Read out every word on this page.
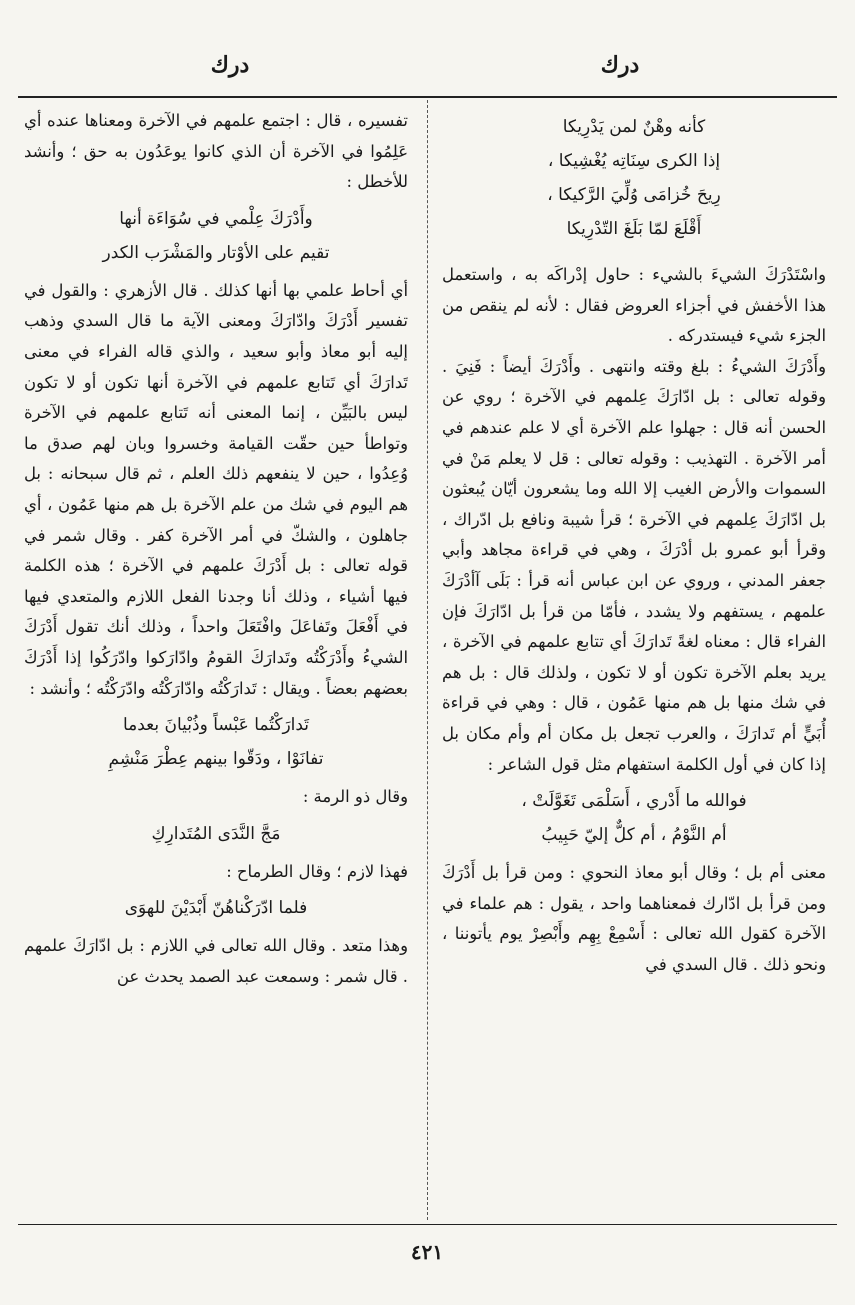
درك
درك
كأنه وهْنٌ لمن يَدْرِيكا
إذا الكرى سِنَاتِه يُغْشِيكا ،
رِيحَ خُزامَى وُلِّيَ الرَّكيكا ،
أَقْلَعَ لمّا بَلَغَ التّدْرِيكا

واسْتَدْرَكَ الشيءَ بالشيء : حاول إدْراكَه به ، واستعمل هذا الأخفش في أجزاء العروض فقال : لأنه لم ينقص من الجزء شيء فيستدركه .

وأَدْرَكَ الشيءُ : بلغ وقته وانتهى . وأَدْرَكَ أيضاً : فَنِيَ . وقوله تعالى : بل ادّارَكَ عِلمهم في الآخرة ؛ روي عن الحسن أنه قال : جهلوا علم الآخرة أي لا علم عندهم في أمر الآخرة . التهذيب : وقوله تعالى : قل لا يعلم مَنْ في السموات والأرض الغيب إلا الله وما يشعرون أيّان يُبعثون بل ادّارَكَ عِلمهم في الآخرة ؛ قرأ شيبة ونافع بل ادّراك ، وقرأ أبو عمرو بل أدْرَكَ ، وهي في قراءة مجاهد وأبي جعفر المدني ، وروي عن ابن عباس أنه قرأ : بَلَى آأدْرَكَ علمهم ، يستفهم ولا يشدد ، فأمّا من قرأ بل ادّارَكَ فإن الفراء قال : معناه لغةً تَدارَكَ أي تتابع علمهم في الآخرة ، يريد بعلم الآخرة تكون أو لا تكون ، ولذلك قال : بل هم في شك منها بل هم منها عَمُون ، قال : وهي في قراءة أُبَيٍّ أم تَدارَكَ ، والعرب تجعل بل مكان أم وأم مكان بل إذا كان في أول الكلمة استفهام مثل قول الشاعر :

فوالله ما أَدْري ، أَسَلْمَى تَغَوَّلَتْ ،
أم النَّوْمُ ، أم كلٌّ إليّ حَبِيبُ

معنى أم بل ؛ وقال أبو معاذ النحوي : ومن قرأ بل أَدْرَكَ ومن قرأ بل ادّارك فمعناهما واحد ، يقول : هم علماء في الآخرة كقول الله تعالى : أَسْمِعْ بِهِم وأَبْصِرْ يوم يأتوننا ، ونحو ذلك . قال السدي في

تفسيره ، قال : اجتمع علمهم في الآخرة ومعناها عنده أي عَلِمُوا في الآخرة أن الذي كانوا يوعَدُون به حق ؛ وأنشد للأخطل :

وأَدْرَكَ عِلْمي في سُوَاءَة أنها
تقيم على الأوْتار والمَشْرَب الكدر

أي أحاط علمي بها أنها كذلك . قال الأزهري : والقول في تفسير أَدْرَكَ وادّارَكَ ومعنى الآية ما قال السدي وذهب إليه أبو معاذ وأبو سعيد ، والذي قاله الفراء في معنى تَدارَكَ أي تَتابع علمهم في الآخرة أنها تكون أو لا تكون ليس بالبَيِّن ، إنما المعنى أنه تَتابع علمهم في الآخرة وتواطأ حين حقّت القيامة وخسروا وبان لهم صدق ما وُعِدُوا ، حين لا ينفعهم ذلك العلم ، ثم قال سبحانه : بل هم اليوم في شك من علم الآخرة بل هم منها عَمُون ، أي جاهلون ، والشكّ في أمر الآخرة كفر . وقال شمر في قوله تعالى : بل أَدْرَكَ علمهم في الآخرة ؛ هذه الكلمة فيها أشياء ، وذلك أنا وجدنا الفعل اللازم والمتعدي فيها في أَفْعَلَ وتَفاعَلَ وافْتَعَلَ واحداً ، وذلك أنك تقول أَدْرَكَ الشيءُ وأَدْرَكْتُه وتَدارَكَ القومُ وادّارَكوا وادّرَكُوا إذا أَدْرَكَ بعضهم بعضاً . ويقال : تَدارَكْتُه وادّارَكْتُه وادّرَكْتُه ؛ وأنشد :

تَدارَكْتُما عَبْساً وذُبْيانَ بعدما
تفانَوْا ، ودَقّوا بينهم عِطْرَ مَنْشِمِ

وقال ذو الرمة :

مَجَّ النَّدَى المُتَدارِكِ

فهذا لازم ؛ وقال الطرماح :

فلما ادّرَكْناهُنّ أَبْدَيْنَ للهوَى

وهذا متعد . وقال الله تعالى في اللازم : بل ادّارَكَ علمهم . قال شمر : وسمعت عبد الصمد يحدث عن

٤٢١
